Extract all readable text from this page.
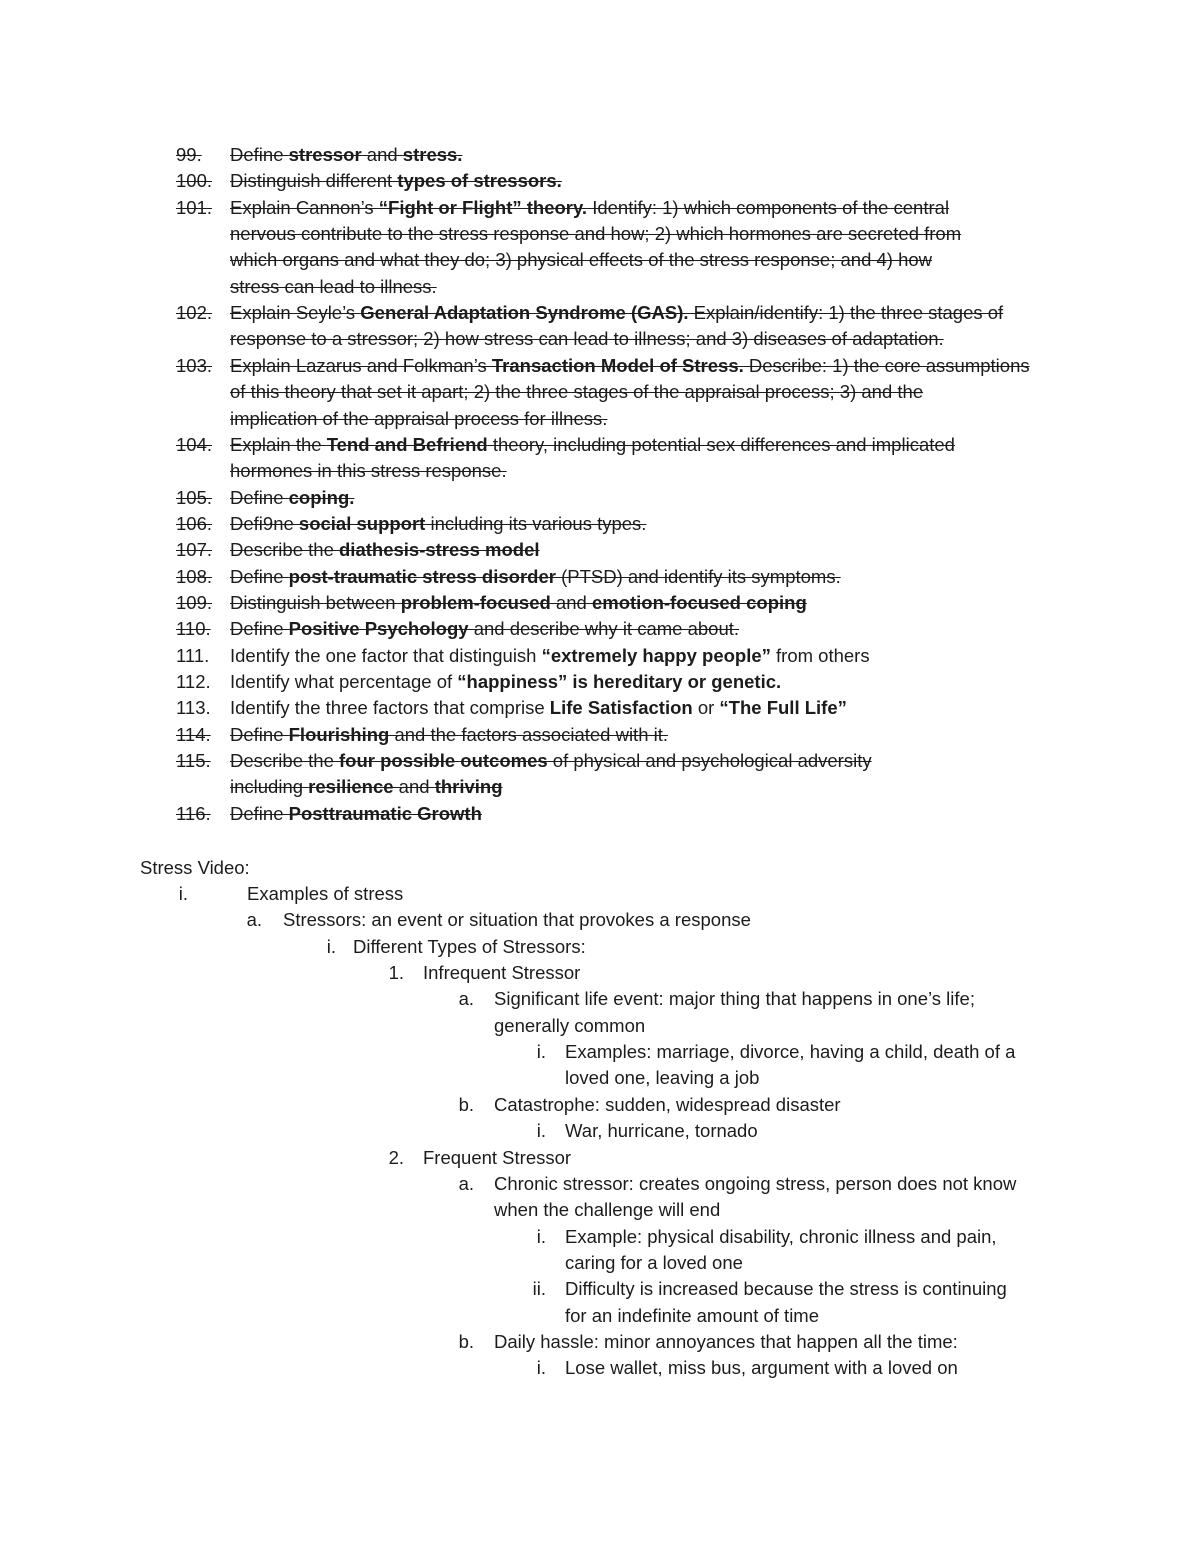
99. Define stressor and stress.
100. Distinguish different types of stressors.
101. Explain Cannon’s “Fight or Flight” theory. Identify: 1) which components of the central
nervous contribute to the stress response and how; 2) which hormones are secreted from
which organs and what they do; 3) physical effects of the stress response; and 4) how
stress can lead to illness.
102. Explain Seyle’s General Adaptation Syndrome (GAS). Explain/identify: 1) the three stages of
response to a stressor; 2) how stress can lead to illness; and 3) diseases of adaptation.
103. Explain Lazarus and Folkman’s Transaction Model of Stress. Describe: 1) the core assumptions
of this theory that set it apart; 2) the three stages of the appraisal process; 3) and the
implication of the appraisal process for illness.
104. Explain the Tend and Befriend theory, including potential sex differences and implicated
hormones in this stress response.
105. Define coping.
106. Defi9ne social support including its various types.
107. Describe the diathesis-stress model
108. Define post-traumatic stress disorder (PTSD) and identify its symptoms.
109. Distinguish between problem-focused and emotion-focused coping
110. Define Positive Psychology and describe why it came about.
111. Identify the one factor that distinguish “extremely happy people” from others
112. Identify what percentage of “happiness” is hereditary or genetic.
113. Identify the three factors that comprise Life Satisfaction or “The Full Life”
114. Define Flourishing and the factors associated with it.
115. Describe the four possible outcomes of physical and psychological adversity
including resilience and thriving
116. Define Posttraumatic Growth
Stress Video:
i.	Examples of stress
a. Stressors: an event or situation that provokes a response
i. Different Types of Stressors:
1. Infrequent Stressor
a. Significant life event: major thing that happens in one’s life;
generally common
i. Examples: marriage, divorce, having a child, death of a
loved one, leaving a job
b. Catastrophe: sudden, widespread disaster
i. War, hurricane, tornado
2. Frequent Stressor
a. Chronic stressor: creates ongoing stress, person does not know
when the challenge will end
i. Example: physical disability, chronic illness and pain,
caring for a loved one
ii. Difficulty is increased because the stress is continuing
for an indefinite amount of time
b. Daily hassle: minor annoyances that happen all the time:
i. Lose wallet, miss bus, argument with a loved on
